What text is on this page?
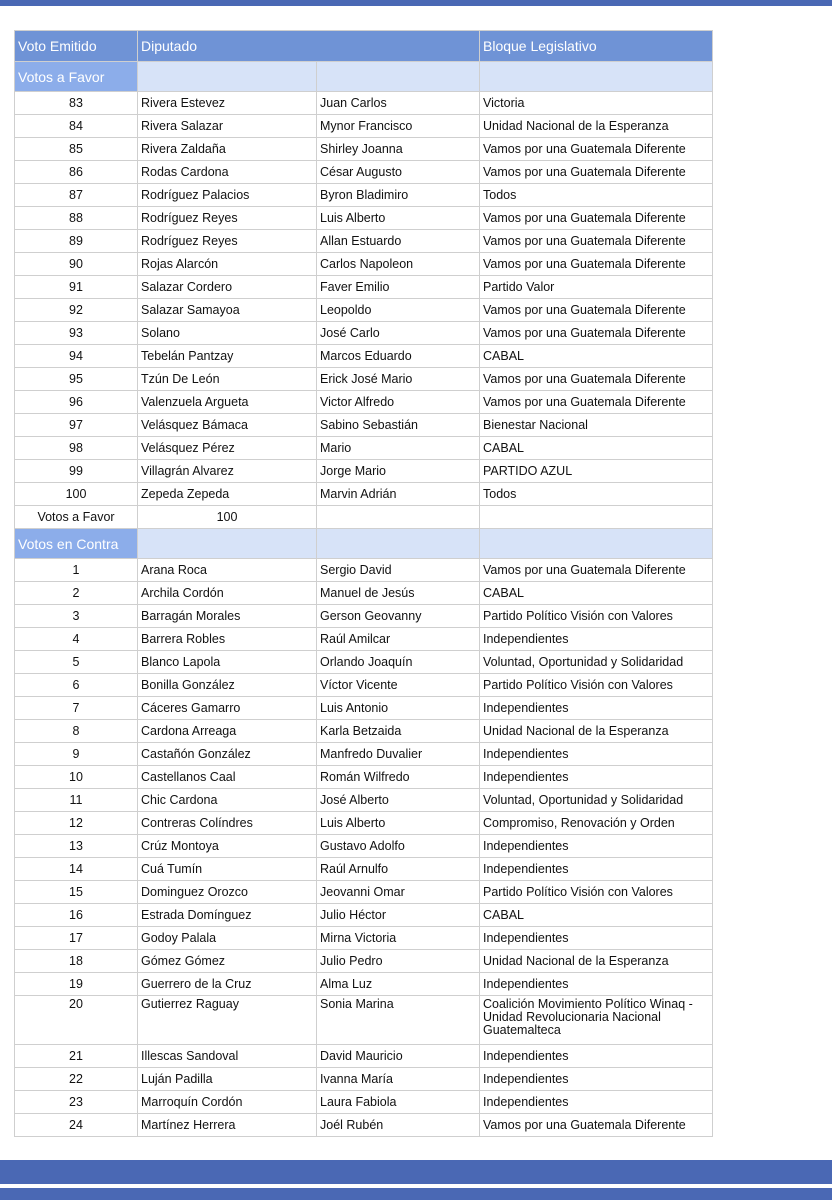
Voto Emitido	Diputado		Bloque Legislativo
Votos a Favor			
83	Rivera Estevez	Juan Carlos	Victoria
84	Rivera Salazar	Mynor Francisco	Unidad Nacional de la Esperanza
85	Rivera Zaldaña	Shirley Joanna	Vamos por una Guatemala Diferente
86	Rodas Cardona	César Augusto	Vamos por una Guatemala Diferente
87	Rodríguez Palacios	Byron Bladimiro	Todos
88	Rodríguez Reyes	Luis Alberto	Vamos por una Guatemala Diferente
89	Rodríguez Reyes	Allan Estuardo	Vamos por una Guatemala Diferente
90	Rojas Alarcón	Carlos Napoleon	Vamos por una Guatemala Diferente
91	Salazar Cordero	Faver Emilio	Partido Valor
92	Salazar Samayoa	Leopoldo	Vamos por una Guatemala Diferente
93	Solano	José Carlo	Vamos por una Guatemala Diferente
94	Tebelán Pantzay	Marcos Eduardo	CABAL
95	Tzún De León	Erick José Mario	Vamos por una Guatemala Diferente
96	Valenzuela Argueta	Victor Alfredo	Vamos por una Guatemala Diferente
97	Velásquez Bámaca	Sabino Sebastián	Bienestar Nacional
98	Velásquez Pérez	Mario	CABAL
99	Villagrán Alvarez	Jorge Mario	PARTIDO AZUL
100	Zepeda Zepeda	Marvin Adrián	Todos
Votos a Favor	100		
Votos en Contra			
1	Arana Roca	Sergio David	Vamos por una Guatemala Diferente
2	Archila Cordón	Manuel de Jesús	CABAL
3	Barragán Morales	Gerson Geovanny	Partido Político Visión con Valores
4	Barrera Robles	Raúl Amilcar	Independientes
5	Blanco Lapola	Orlando Joaquín	Voluntad, Oportunidad y Solidaridad
6	Bonilla González	Víctor Vicente	Partido Político Visión con Valores
7	Cáceres Gamarro	Luis Antonio	Independientes
8	Cardona Arreaga	Karla Betzaida	Unidad Nacional de la Esperanza
9	Castañón González	Manfredo Duvalier	Independientes
10	Castellanos Caal	Román Wilfredo	Independientes
11	Chic Cardona	José Alberto	Voluntad, Oportunidad y Solidaridad
12	Contreras Colíndres	Luis Alberto	Compromiso, Renovación y Orden
13	Crúz Montoya	Gustavo Adolfo	Independientes
14	Cuá Tumín	Raúl Arnulfo	Independientes
15	Dominguez Orozco	Jeovanni Omar	Partido Político Visión con Valores
16	Estrada Domínguez	Julio Héctor	CABAL
17	Godoy Palala	Mirna Victoria	Independientes
18	Gómez Gómez	Julio Pedro	Unidad Nacional de la Esperanza
19	Guerrero de la Cruz	Alma Luz	Independientes
20	Gutierrez Raguay	Sonia Marina	Coalición Movimiento Político Winaq - Unidad Revolucionaria Nacional Guatemalteca
21	Illescas Sandoval	David Mauricio	Independientes
22	Luján Padilla	Ivanna María	Independientes
23	Marroquín Cordón	Laura Fabiola	Independientes
24	Martínez Herrera	Joél Rubén	Vamos por una Guatemala Diferente
